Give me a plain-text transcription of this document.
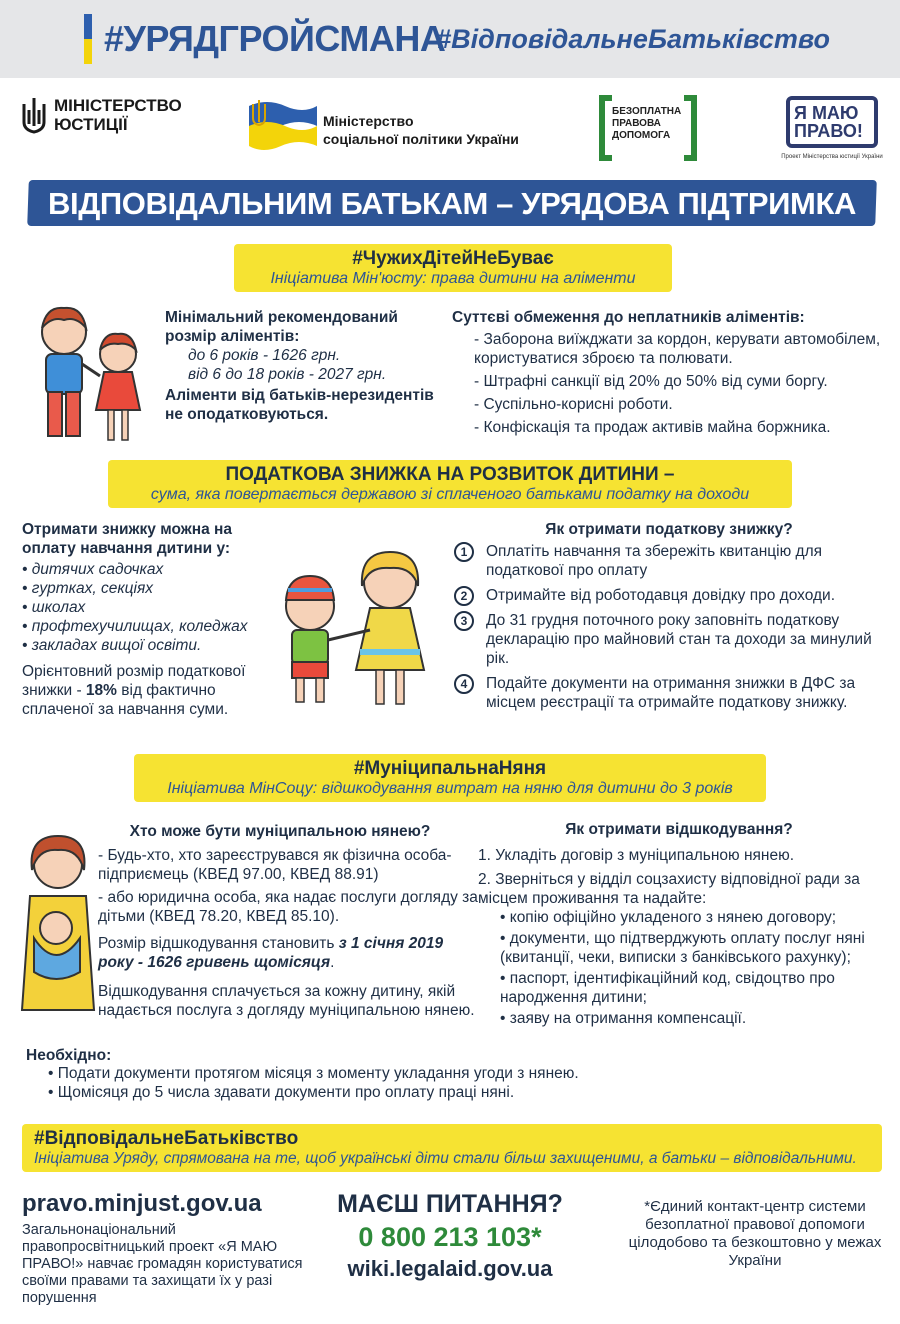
#УРЯДГРОЙСМАНА
#ВідповідальнеБатьківство
МІНІСТЕРСТВО ЮСТИЦІЇ	Міністерство
соціальної політики України
БЕЗОПЛАТНА ПРАВОВА ДОПОМОГА
Я МАЮ ПРАВО!
Проект Міністерства юстиції України
ВІДПОВІДАЛЬНИМ БАТЬКАМ – УРЯДОВА ПІДТРИМКА
#ЧужихДітейНеБуває
Ініціатива Мін'юсту: права дитини на аліменти
Мінімальний рекомендований розмір аліментів:
до 6 років - 1626 грн.
від 6 до 18 років - 2027 грн.
Аліменти від батьків-нерезидентів не оподатковуються.
Суттєві обмеження до неплатників аліментів:
- Заборона виїжджати за кордон, керувати автомобілем, користуватися зброєю та полювати.
- Штрафні санкції від 20% до 50% від суми боргу.
- Суспільно-корисні роботи.
- Конфіскація та продаж активів майна боржника.
ПОДАТКОВА ЗНИЖКА НА РОЗВИТОК ДИТИНИ –
сума, яка повертається державою зі сплаченого батьками податку на доходи
Отримати знижку можна на оплату навчання дитини у:
• дитячих садочках
• гуртках, секціях
• школах
• профтехучилищах, коледжах
• закладах вищої освіти.
Орієнтовний розмір податкової знижки - 18% від фактично сплаченої за навчання суми.
Як отримати податкову знижку?
1	Оплатіть навчання та збережіть квитанцію для податкової про оплату
2	Отримайте від роботодавця довідку про доходи.
3	До 31 грудня поточного року заповніть податкову декларацію про майновий стан та доходи за минулий рік.
4	Подайте документи на отримання знижки в ДФС за місцем реєстрації та отримайте податкову знижку.
#МуніципальнаНяня
Ініціатива МінСоцу: відшкодування витрат на няню для дитини до 3 років
Хто може бути муніципальною нянею?
- Будь-хто, хто зареєструвався як фізична особа-підприємець (КВЕД 97.00, КВЕД 88.91)
- або юридична особа, яка надає послуги догляду за дітьми (КВЕД 78.20, КВЕД 85.10).
Розмір відшкодування становить з 1 січня 2019 року - 1626 гривень щомісяця.
Відшкодування сплачується за кожну дитину, якій надається послуга з догляду муніципальною нянею.
Як отримати відшкодування?
1. Укладіть договір з муніципальною нянею.
2. Зверніться у відділ соцзахисту відповідної ради за місцем проживання та надайте:
• копію офіційно укладеного з нянею договору;
• документи, що підтверджують оплату послуг няні (квитанції, чеки, виписки з банківського рахунку);
• паспорт, ідентифікаційний код, свідоцтво про народження дитини;
• заяву на отримання компенсації.
Необхідно:
• Подати документи протягом місяця з моменту укладання угоди з нянею.
• Щомісяця до 5 числа здавати документи про оплату праці няні.
#ВідповідальнеБатьківство
Ініціатива Уряду, спрямована на те, щоб українські діти стали більш захищеними, а батьки – відповідальними.
pravo.minjust.gov.ua
Загальнонаціональний правопросвітницький проект «Я МАЮ ПРАВО!» навчає громадян користуватися своїми правами та захищати їх у разі порушення
МАЄШ ПИТАННЯ?
0 800 213 103*
wiki.legalaid.gov.ua
*Єдиний контакт-центр системи безоплатної правової допомоги цілодобово та безкоштовно у межах України
